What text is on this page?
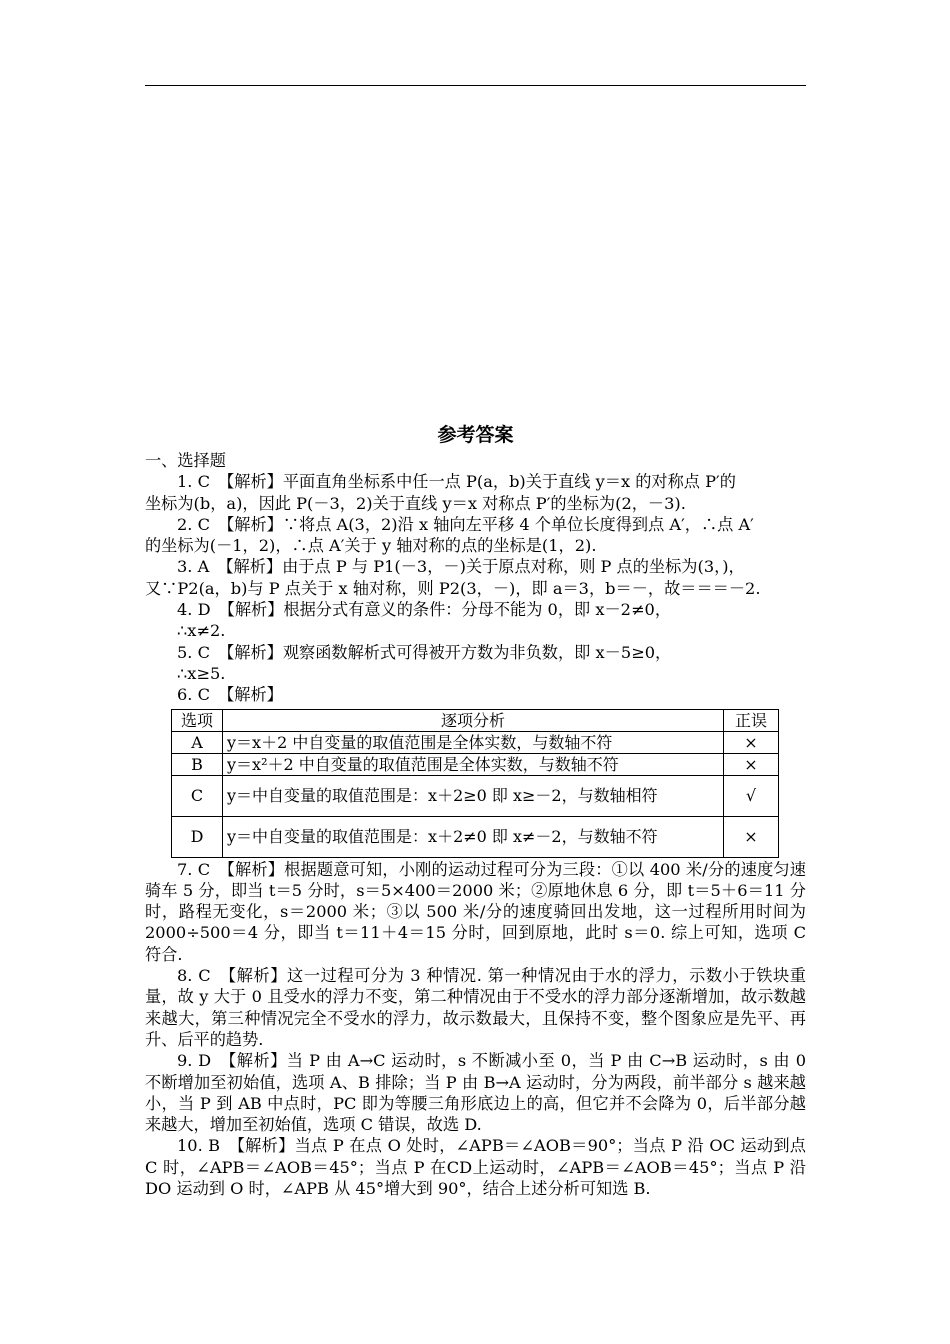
参考答案

一、选择题

1. C　【解析】平面直角坐标系中任一点 P(a，b)关于直线 y＝x 的对称点 P′的

坐标为(b，a)，因此 P(－3，2)关于直线 y＝x 对称点 P′的坐标为(2，－3).

2. C　【解析】∵将点 A(3，2)沿 x 轴向左平移 4 个单位长度得到点 A′，∴点 A′

的坐标为(－1，2)，∴点 A′关于 y 轴对称的点的坐标是(1，2).

3. A　【解析】由于点 P 与 P1(－3，－)关于原点对称，则 P 点的坐标为(3，)，

又∵P2(a，b)与 P 点关于 x 轴对称，则 P2(3，－)，即 a＝3，b＝－，故＝＝＝－2.

4. D　【解析】根据分式有意义的条件：分母不能为 0，即 x－2≠0，

∴x≠2.

5. C　【解析】观察函数解析式可得被开方数为非负数，即 x－5≥0，

∴x≥5.

6. C　【解析】

选项	逐项分析	正误
A	y＝x＋2 中自变量的取值范围是全体实数，与数轴不符	×
B	y＝x²＋2 中自变量的取值范围是全体实数，与数轴不符	×
C	y＝中自变量的取值范围是：x＋2≥0 即 x≥－2，与数轴相符	√
D	y＝中自变量的取值范围是：x＋2≠0 即 x≠－2，与数轴不符	×

7. C　【解析】根据题意可知，小刚的运动过程可分为三段：①以 400 米/分的速度匀速骑车 5 分，即当 t＝5 分时，s＝5×400＝2000 米；②原地休息 6 分，即 t＝5＋6＝11 分时，路程无变化，s＝2000 米；③以 500 米/分的速度骑回出发地，这一过程所用时间为 2000÷500＝4 分，即当 t＝11＋4＝15 分时，回到原地，此时 s＝0. 综上可知，选项 C 符合.

8. C　【解析】这一过程可分为 3 种情况. 第一种情况由于水的浮力，示数小于铁块重量，故 y 大于 0 且受水的浮力不变，第二种情况由于不受水的浮力部分逐渐增加，故示数越来越大，第三种情况完全不受水的浮力，故示数最大，且保持不变，整个图象应是先平、再升、后平的趋势.

9. D　【解析】当 P 由 A→C 运动时，s 不断减小至 0，当 P 由 C→B 运动时，s 由 0 不断增加至初始值，选项 A、B 排除；当 P 由 B→A 运动时，分为两段，前半部分 s 越来越小，当 P 到 AB 中点时，PC 即为等腰三角形底边上的高，但它并不会降为 0，后半部分越来越大，增加至初始值，选项 C 错误，故选 D.

10. B　【解析】当点 P 在点 O 处时，∠APB＝∠AOB＝90°；当点 P 沿 OC 运动到点 C 时，∠APB＝∠AOB＝45°；当点 P 在CD上运动时，∠APB＝∠AOB＝45°；当点 P 沿 DO 运动到 O 时，∠APB 从 45°增大到 90°，结合上述分析可知选 B.
